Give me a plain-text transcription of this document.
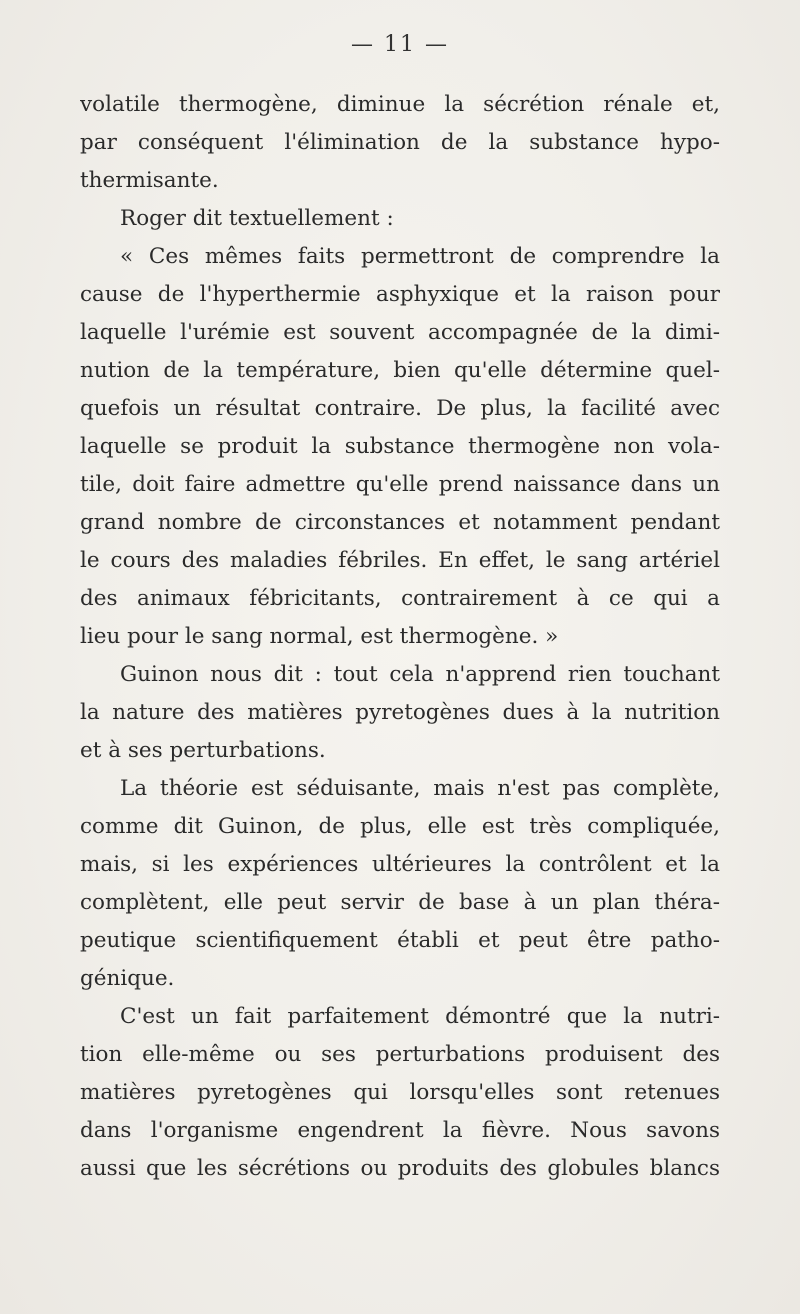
— 11 —
volatile thermogène, diminue la sécrétion rénale et,
par conséquent l'élimination de la substance hypo-
thermisante.
Roger dit textuellement :
« Ces mêmes faits permettront de comprendre la
cause de l'hyperthermie asphyxique et la raison pour
laquelle l'urémie est souvent accompagnée de la dimi-
nution de la température, bien qu'elle détermine quel-
quefois un résultat contraire. De plus, la facilité avec
laquelle se produit la substance thermogène non vola-
tile, doit faire admettre qu'elle prend naissance dans un
grand nombre de circonstances et notamment pendant
le cours des maladies fébriles. En effet, le sang artériel
des animaux fébricitants, contrairement à ce qui a
lieu pour le sang normal, est thermogène. »
Guinon nous dit : tout cela n'apprend rien touchant
la nature des matières pyretogènes dues à la nutrition
et à ses perturbations.
La théorie est séduisante, mais n'est pas complète,
comme dit Guinon, de plus, elle est très compliquée,
mais, si les expériences ultérieures la contrôlent et la
complètent, elle peut servir de base à un plan théra-
peutique scientifiquement établi et peut être patho-
génique.
C'est un fait parfaitement démontré que la nutri-
tion elle-même ou ses perturbations produisent des
matières pyretogènes qui lorsqu'elles sont retenues
dans l'organisme engendrent la fièvre. Nous savons
aussi que les sécrétions ou produits des globules blancs
